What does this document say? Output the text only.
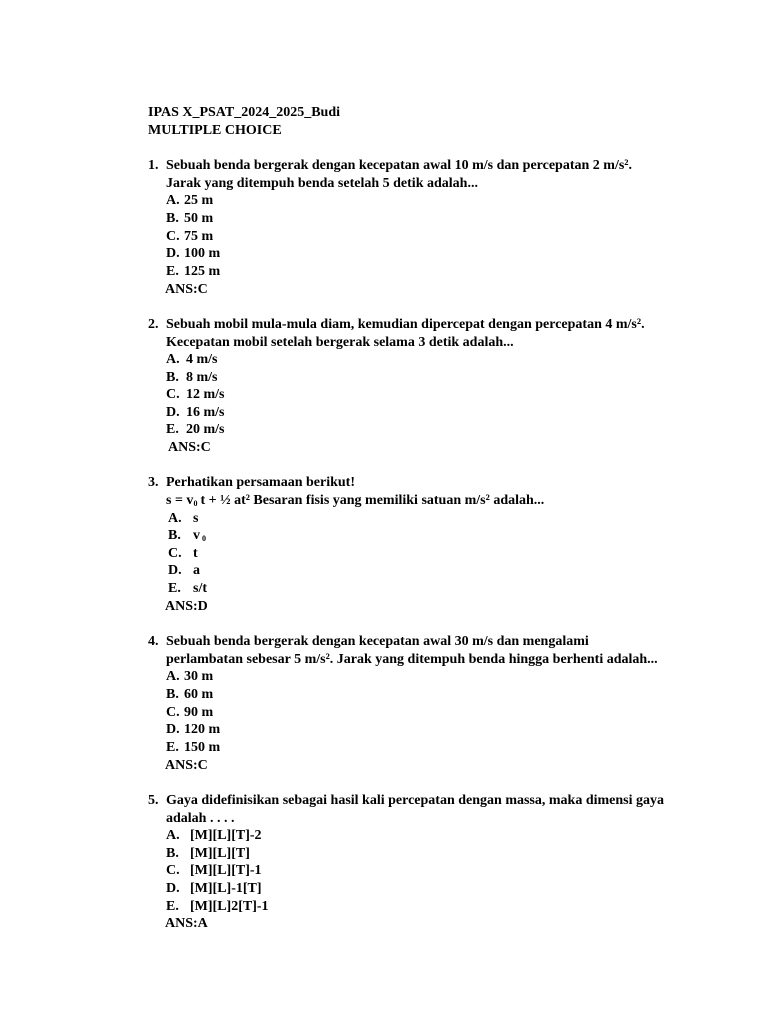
IPAS X_PSAT_2024_2025_Budi
MULTIPLE CHOICE
1. Sebuah benda bergerak dengan kecepatan awal 10 m/s dan percepatan 2 m/s².
Jarak yang ditempuh benda setelah 5 detik adalah...
A. 25 m
B. 50 m
C. 75 m
D. 100 m
E. 125 m
ANS:C
2. Sebuah mobil mula-mula diam, kemudian dipercepat dengan percepatan 4 m/s².
Kecepatan mobil setelah bergerak selama 3 detik adalah...
A. 4 m/s
B. 8 m/s
C. 12 m/s
D. 16 m/s
E. 20 m/s
ANS:C
3. Perhatikan persamaan berikut!
$s = v_0$ t + ½ at² Besaran fisis yang memiliki satuan m/s² adalah...
A. s
B. v $_0$
C. t
D. a
E. s/t
ANS:D
4. Sebuah benda bergerak dengan kecepatan awal 30 m/s dan mengalami
perlambatan sebesar 5 m/s². Jarak yang ditempuh benda hingga berhenti adalah...
A. 30 m
B. 60 m
C. 90 m
D. 120 m
E. 150 m
ANS:C
5. Gaya didefinisikan sebagai hasil kali percepatan dengan massa, maka dimensi gaya
adalah . . . .
A. [M][L][T]-2
B. [M][L][T]
C. [M][L][T]-1
D. [M][L]-1[T]
E. [M][L]2[T]-1
ANS:A
